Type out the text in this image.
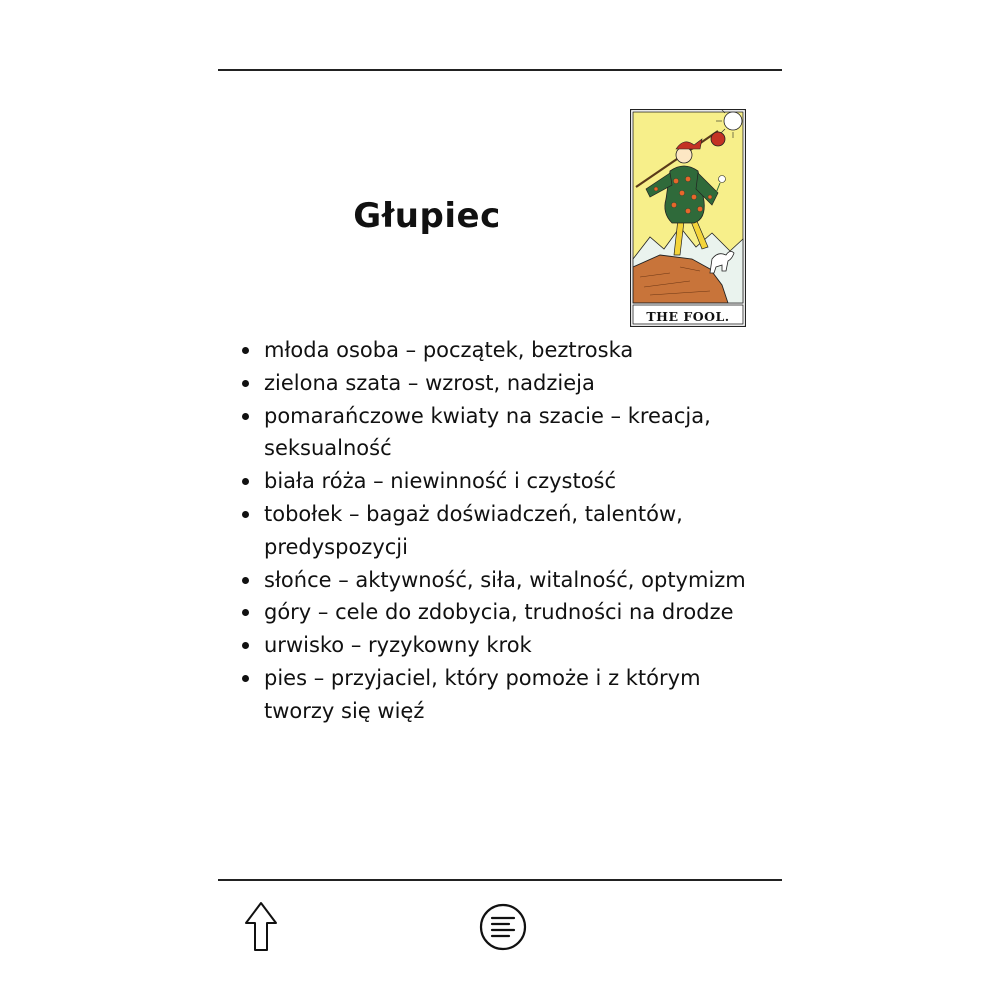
Głupiec
THE FOOL.
młoda osoba – początek, beztroska
zielona szata – wzrost, nadzieja
pomarańczowe kwiaty na szacie – kreacja, seksualność
biała róża – niewinność i czystość
tobołek – bagaż doświadczeń, talentów, predyspozycji
słońce – aktywność, siła, witalność, optymizm
góry – cele do zdobycia, trudności na drodze
urwisko – ryzykowny krok
pies – przyjaciel, który pomoże i z którym tworzy się więź
